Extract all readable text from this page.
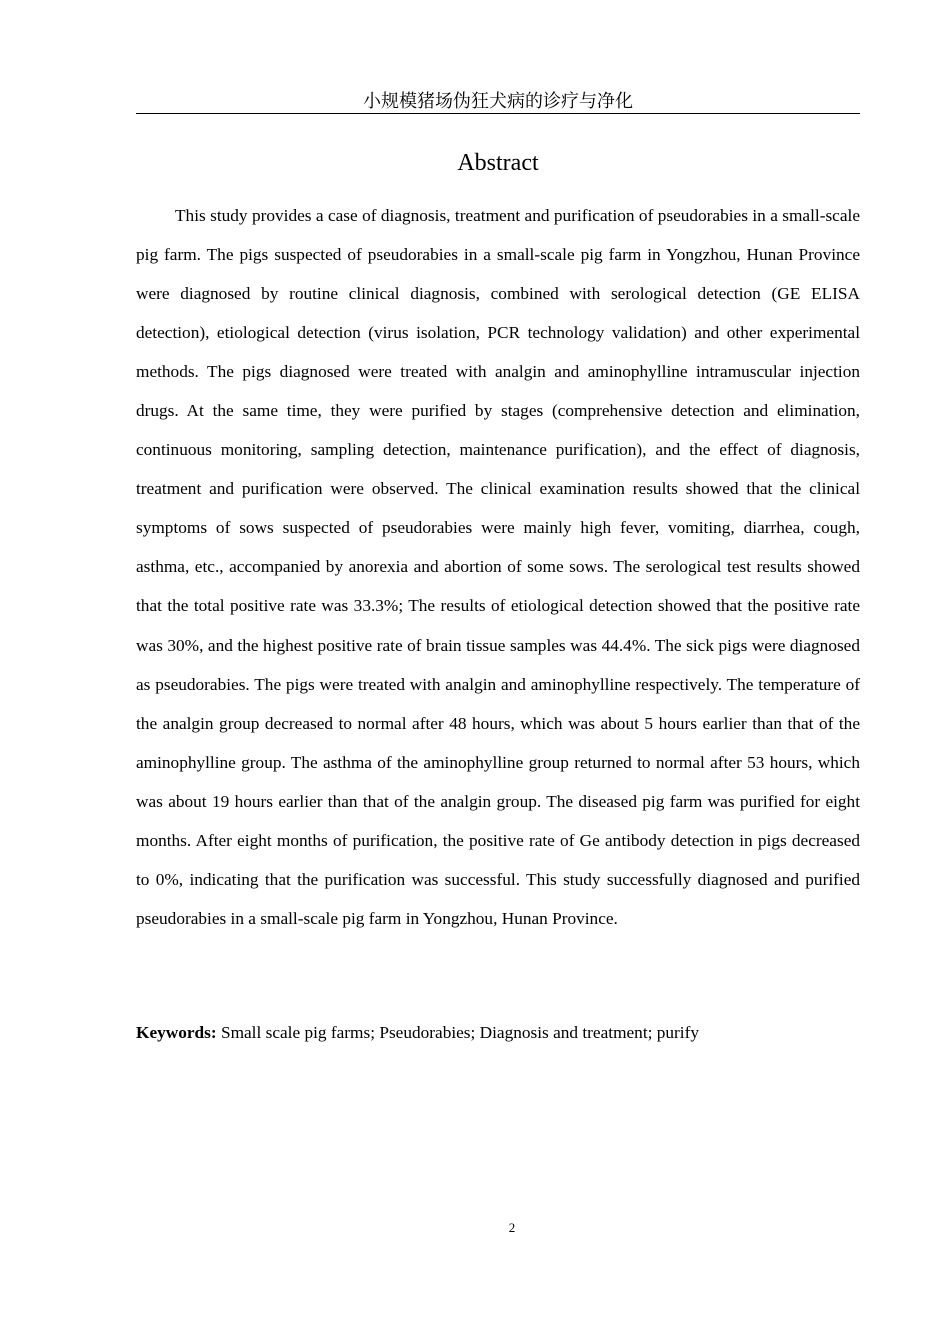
小规模猪场伪狂犬病的诊疗与净化
Abstract

This study provides a case of diagnosis, treatment and purification of pseudorabies in a small-scale pig farm. The pigs suspected of pseudorabies in a small-scale pig farm in Yongzhou, Hunan Province were diagnosed by routine clinical diagnosis, combined with serological detection (GE ELISA detection), etiological detection (virus isolation, PCR technology validation) and other experimental methods. The pigs diagnosed were treated with analgin and aminophylline intramuscular injection drugs. At the same time, they were purified by stages (comprehensive detection and elimination, continuous monitoring, sampling detection, maintenance purification), and the effect of diagnosis, treatment and purification were observed. The clinical examination results showed that the clinical symptoms of sows suspected of pseudorabies were mainly high fever, vomiting, diarrhea, cough, asthma, etc., accompanied by anorexia and abortion of some sows. The serological test results showed that the total positive rate was 33.3%; The results of etiological detection showed that the positive rate was 30%, and the highest positive rate of brain tissue samples was 44.4%. The sick pigs were diagnosed as pseudorabies. The pigs were treated with analgin and aminophylline respectively. The temperature of the analgin group decreased to normal after 48 hours, which was about 5 hours earlier than that of the aminophylline group. The asthma of the aminophylline group returned to normal after 53 hours, which was about 19 hours earlier than that of the analgin group. The diseased pig farm was purified for eight months. After eight months of purification, the positive rate of Ge antibody detection in pigs decreased to 0%, indicating that the purification was successful. This study successfully diagnosed and purified pseudorabies in a small-scale pig farm in Yongzhou, Hunan Province.

Keywords: Small scale pig farms; Pseudorabies; Diagnosis and treatment; purify

2
